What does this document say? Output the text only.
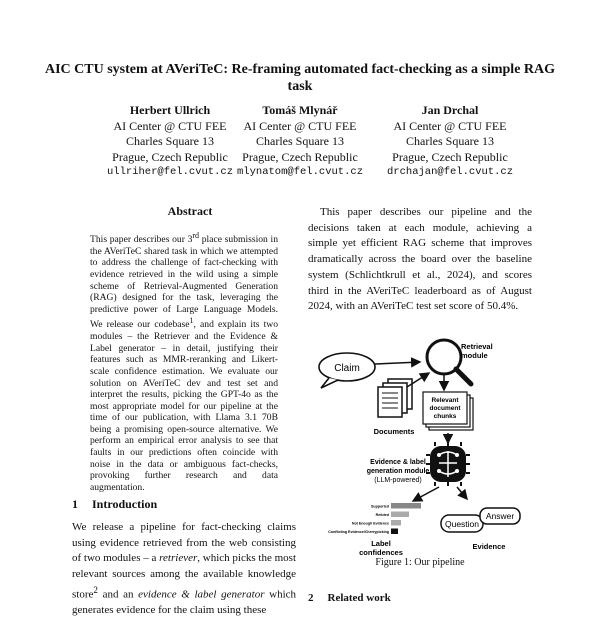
AIC CTU system at AVeriTeC: Re-framing automated fact-checking as a simple RAG task
Herbert Ullrich
AI Center @ CTU FEE
Charles Square 13
Prague, Czech Republic
ullriher@fel.cvut.cz
Tomáš Mlynář
AI Center @ CTU FEE
Charles Square 13
Prague, Czech Republic
mlynatom@fel.cvut.cz
Jan Drchal
AI Center @ CTU FEE
Charles Square 13
Prague, Czech Republic
drchajan@fel.cvut.cz
Abstract
This paper describes our 3rd place submission in the AVeriTeC shared task in which we attempted to address the challenge of fact-checking with evidence retrieved in the wild using a simple scheme of Retrieval-Augmented Generation (RAG) designed for the task, leveraging the predictive power of Large Language Models. We release our codebase$^1$, and explain its two modules – the Retriever and the Evidence & Label generator – in detail, justifying their features such as MMR-reranking and Likert-scale confidence estimation. We evaluate our solution on AVeriTeC dev and test set and interpret the results, picking the GPT-4o as the most appropriate model for our pipeline at the time of our publication, with Llama 3.1 70B being a promising open-source alternative. We perform an empirical error analysis to see that faults in our predictions often coincide with noise in the data or ambiguous fact-checks, provoking further research and data augmentation.
1 Introduction
We release a pipeline for fact-checking claims using evidence retrieved from the web consisting of two modules – a retriever, which picks the most relevant sources among the available knowledge store$^2$ and an evidence & label generator which generates evidence for the claim using these
This paper describes our pipeline and the decisions taken at each module, achieving a simple yet efficient RAG scheme that improves dramatically across the board over the baseline system (Schlichtkrull et al., 2024), and scores third in the AVeriTeC leaderboard as of August 2024, with an AVeriTeC test set score of 50.4%.
Claim
Retrieval
module
Documents
Relevant
document
chunks
Evidence & label
generation module
(LLM-powered)
Supported
Refuted
Not Enough Evidence
Conflicting Evidence/Cherrypicking
Label
confidences
Question
Answer
Evidence
Figure 1: Our pipeline
2 Related work
